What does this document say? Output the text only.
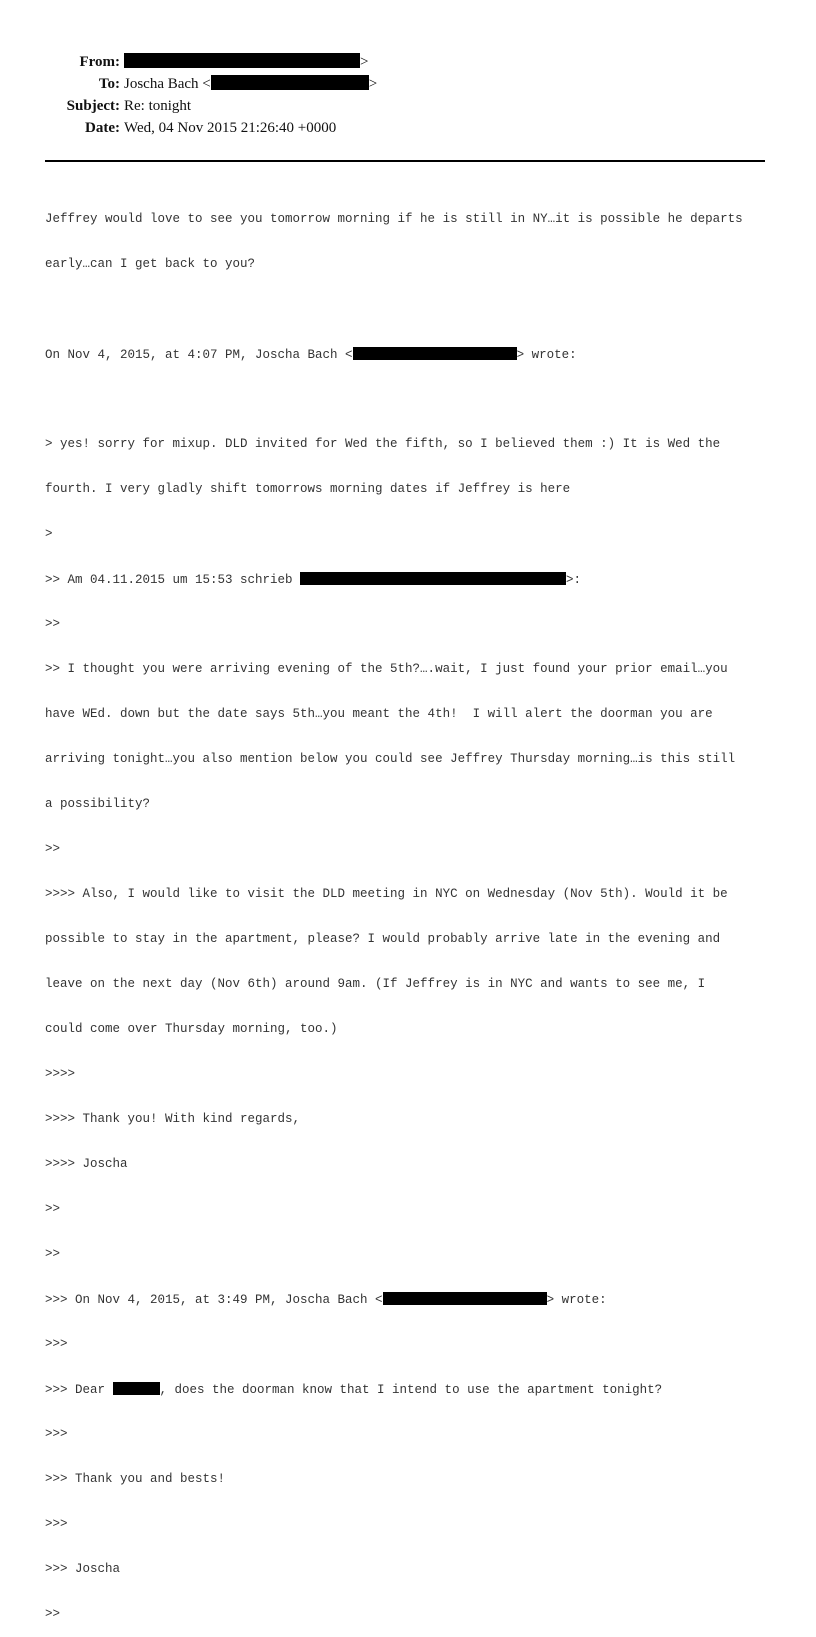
From:	>
To: Joscha Bach <	>
Subject: Re: tonight
Date: Wed, 04 Nov 2015 21:26:40 +0000

Jeffrey would love to see you tomorrow morning if he is still in NY…it is possible he departs

early…can I get back to you?

On Nov 4, 2015, at 4:07 PM, Joscha Bach <	> wrote:

> yes! sorry for mixup. DLD invited for Wed the fifth, so I believed them :) It is Wed the

fourth. I very gladly shift tomorrows morning dates if Jeffrey is here

>

>> Am 04.11.2015 um 15:53 schrieb	>:

>>

>> I thought you were arriving evening of the 5th?….wait, I just found your prior email…you

have WEd. down but the date says 5th…you meant the 4th!  I will alert the doorman you are

arriving tonight…you also mention below you could see Jeffrey Thursday morning…is this still

a possibility?

>>

>>>> Also, I would like to visit the DLD meeting in NYC on Wednesday (Nov 5th). Would it be

possible to stay in the apartment, please? I would probably arrive late in the evening and

leave on the next day (Nov 6th) around 9am. (If Jeffrey is in NYC and wants to see me, I

could come over Thursday morning, too.)

>>>>

>>>> Thank you! With kind regards,

>>>> Joscha

>>

>>

>>> On Nov 4, 2015, at 3:49 PM, Joscha Bach <	> wrote:

>>>

>>> Dear	, does the doorman know that I intend to use the apartment tonight?

>>>

>>> Thank you and bests!

>>>

>>> Joscha

>>
